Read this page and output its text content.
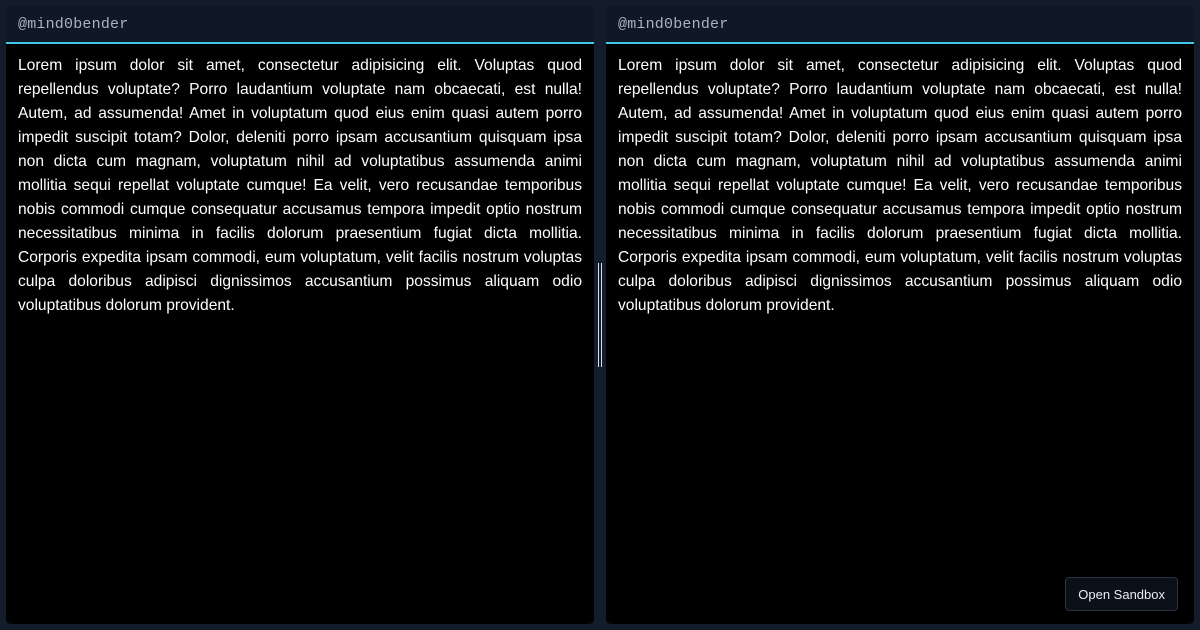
@mind0bender
Lorem ipsum dolor sit amet, consectetur adipisicing elit. Voluptas quod repellendus voluptate? Porro laudantium voluptate nam obcaecati, est nulla! Autem, ad assumenda! Amet in voluptatum quod eius enim quasi autem porro impedit suscipit totam? Dolor, deleniti porro ipsam accusantium quisquam ipsa non dicta cum magnam, voluptatum nihil ad voluptatibus assumenda animi mollitia sequi repellat voluptate cumque! Ea velit, vero recusandae temporibus nobis commodi cumque consequatur accusamus tempora impedit optio nostrum necessitatibus minima in facilis dolorum praesentium fugiat dicta mollitia. Corporis expedita ipsam commodi, eum voluptatum, velit facilis nostrum voluptas culpa doloribus adipisci dignissimos accusantium possimus aliquam odio voluptatibus dolorum provident.
@mind0bender
Lorem ipsum dolor sit amet, consectetur adipisicing elit. Voluptas quod repellendus voluptate? Porro laudantium voluptate nam obcaecati, est nulla! Autem, ad assumenda! Amet in voluptatum quod eius enim quasi autem porro impedit suscipit totam? Dolor, deleniti porro ipsam accusantium quisquam ipsa non dicta cum magnam, voluptatum nihil ad voluptatibus assumenda animi mollitia sequi repellat voluptate cumque! Ea velit, vero recusandae temporibus nobis commodi cumque consequatur accusamus tempora impedit optio nostrum necessitatibus minima in facilis dolorum praesentium fugiat dicta mollitia. Corporis expedita ipsam commodi, eum voluptatum, velit facilis nostrum voluptas culpa doloribus adipisci dignissimos accusantium possimus aliquam odio voluptatibus dolorum provident.
Open Sandbox
